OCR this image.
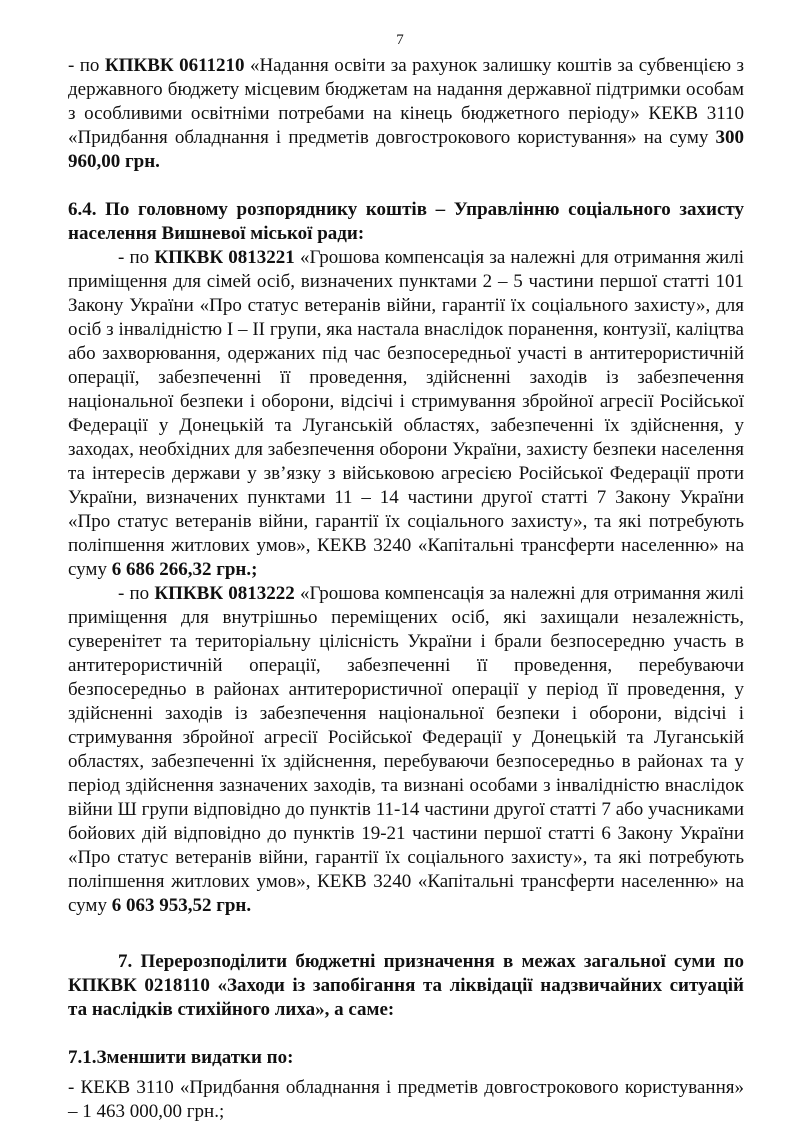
7
- по КПКВК 0611210 «Надання освіти за рахунок залишку коштів за субвенцією з державного бюджету місцевим бюджетам на надання державної підтримки особам з особливими освітніми потребами на кінець бюджетного періоду» КЕКВ 3110 «Придбання обладнання і предметів довгострокового користування» на суму 300 960,00 грн.
6.4. По головному розпоряднику коштів – Управлінню соціального захисту населення Вишневої міської ради:
- по КПКВК 0813221 «Грошова компенсація за належні для отримання жилі приміщення для сімей осіб, визначених пунктами 2 – 5 частини першої статті 101 Закону України «Про статус ветеранів війни, гарантії їх соціального захисту», для осіб з інвалідністю І – ІІ групи, яка настала внаслідок поранення, контузії, каліцтва або захворювання, одержаних під час безпосередньої участі в антитерористичній операції, забезпеченні її проведення, здійсненні заходів із забезпечення національної безпеки і оборони, відсічі і стримування збройної агресії Російської Федерації у Донецькій та Луганській областях, забезпеченні їх здійснення, у заходах, необхідних для забезпечення оборони України, захисту безпеки населення та інтересів держави у зв’язку з військовою агресією Російської Федерації проти України, визначених пунктами 11 – 14 частини другої статті 7 Закону України «Про статус ветеранів війни, гарантії їх соціального захисту», та які потребують поліпшення житлових умов», КЕКВ 3240 «Капітальні трансферти населенню» на суму 6 686 266,32 грн.;
- по КПКВК 0813222 «Грошова компенсація за належні для отримання жилі приміщення для внутрішньо переміщених осіб, які захищали незалежність, суверенітет та територіальну цілісність України і брали безпосередню участь в антитерористичній операції, забезпеченні її проведення, перебуваючи безпосередньо в районах антитерористичної операції у період її проведення, у здійсненні заходів із забезпечення національної безпеки і оборони, відсічі і стримування збройної агресії Російської Федерації у Донецькій та Луганській областях, забезпеченні їх здійснення, перебуваючи безпосередньо в районах та у період здійснення зазначених заходів, та визнані особами з інвалідністю внаслідок війни Ш групи відповідно до пунктів 11-14 частини другої статті 7 або учасниками бойових дій відповідно до пунктів 19-21 частини першої статті 6 Закону України «Про статус ветеранів війни, гарантії їх соціального захисту», та які потребують поліпшення житлових умов», КЕКВ 3240 «Капітальні трансферти населенню» на суму 6 063 953,52 грн.
7. Перерозподілити бюджетні призначення в межах загальної суми по КПКВК 0218110 «Заходи із запобігання та ліквідації надзвичайних ситуацій та наслідків стихійного лиха», а саме:
7.1.Зменшити видатки по:
- КЕКВ 3110 «Придбання обладнання і предметів довгострокового користування» – 1 463 000,00 грн.;
